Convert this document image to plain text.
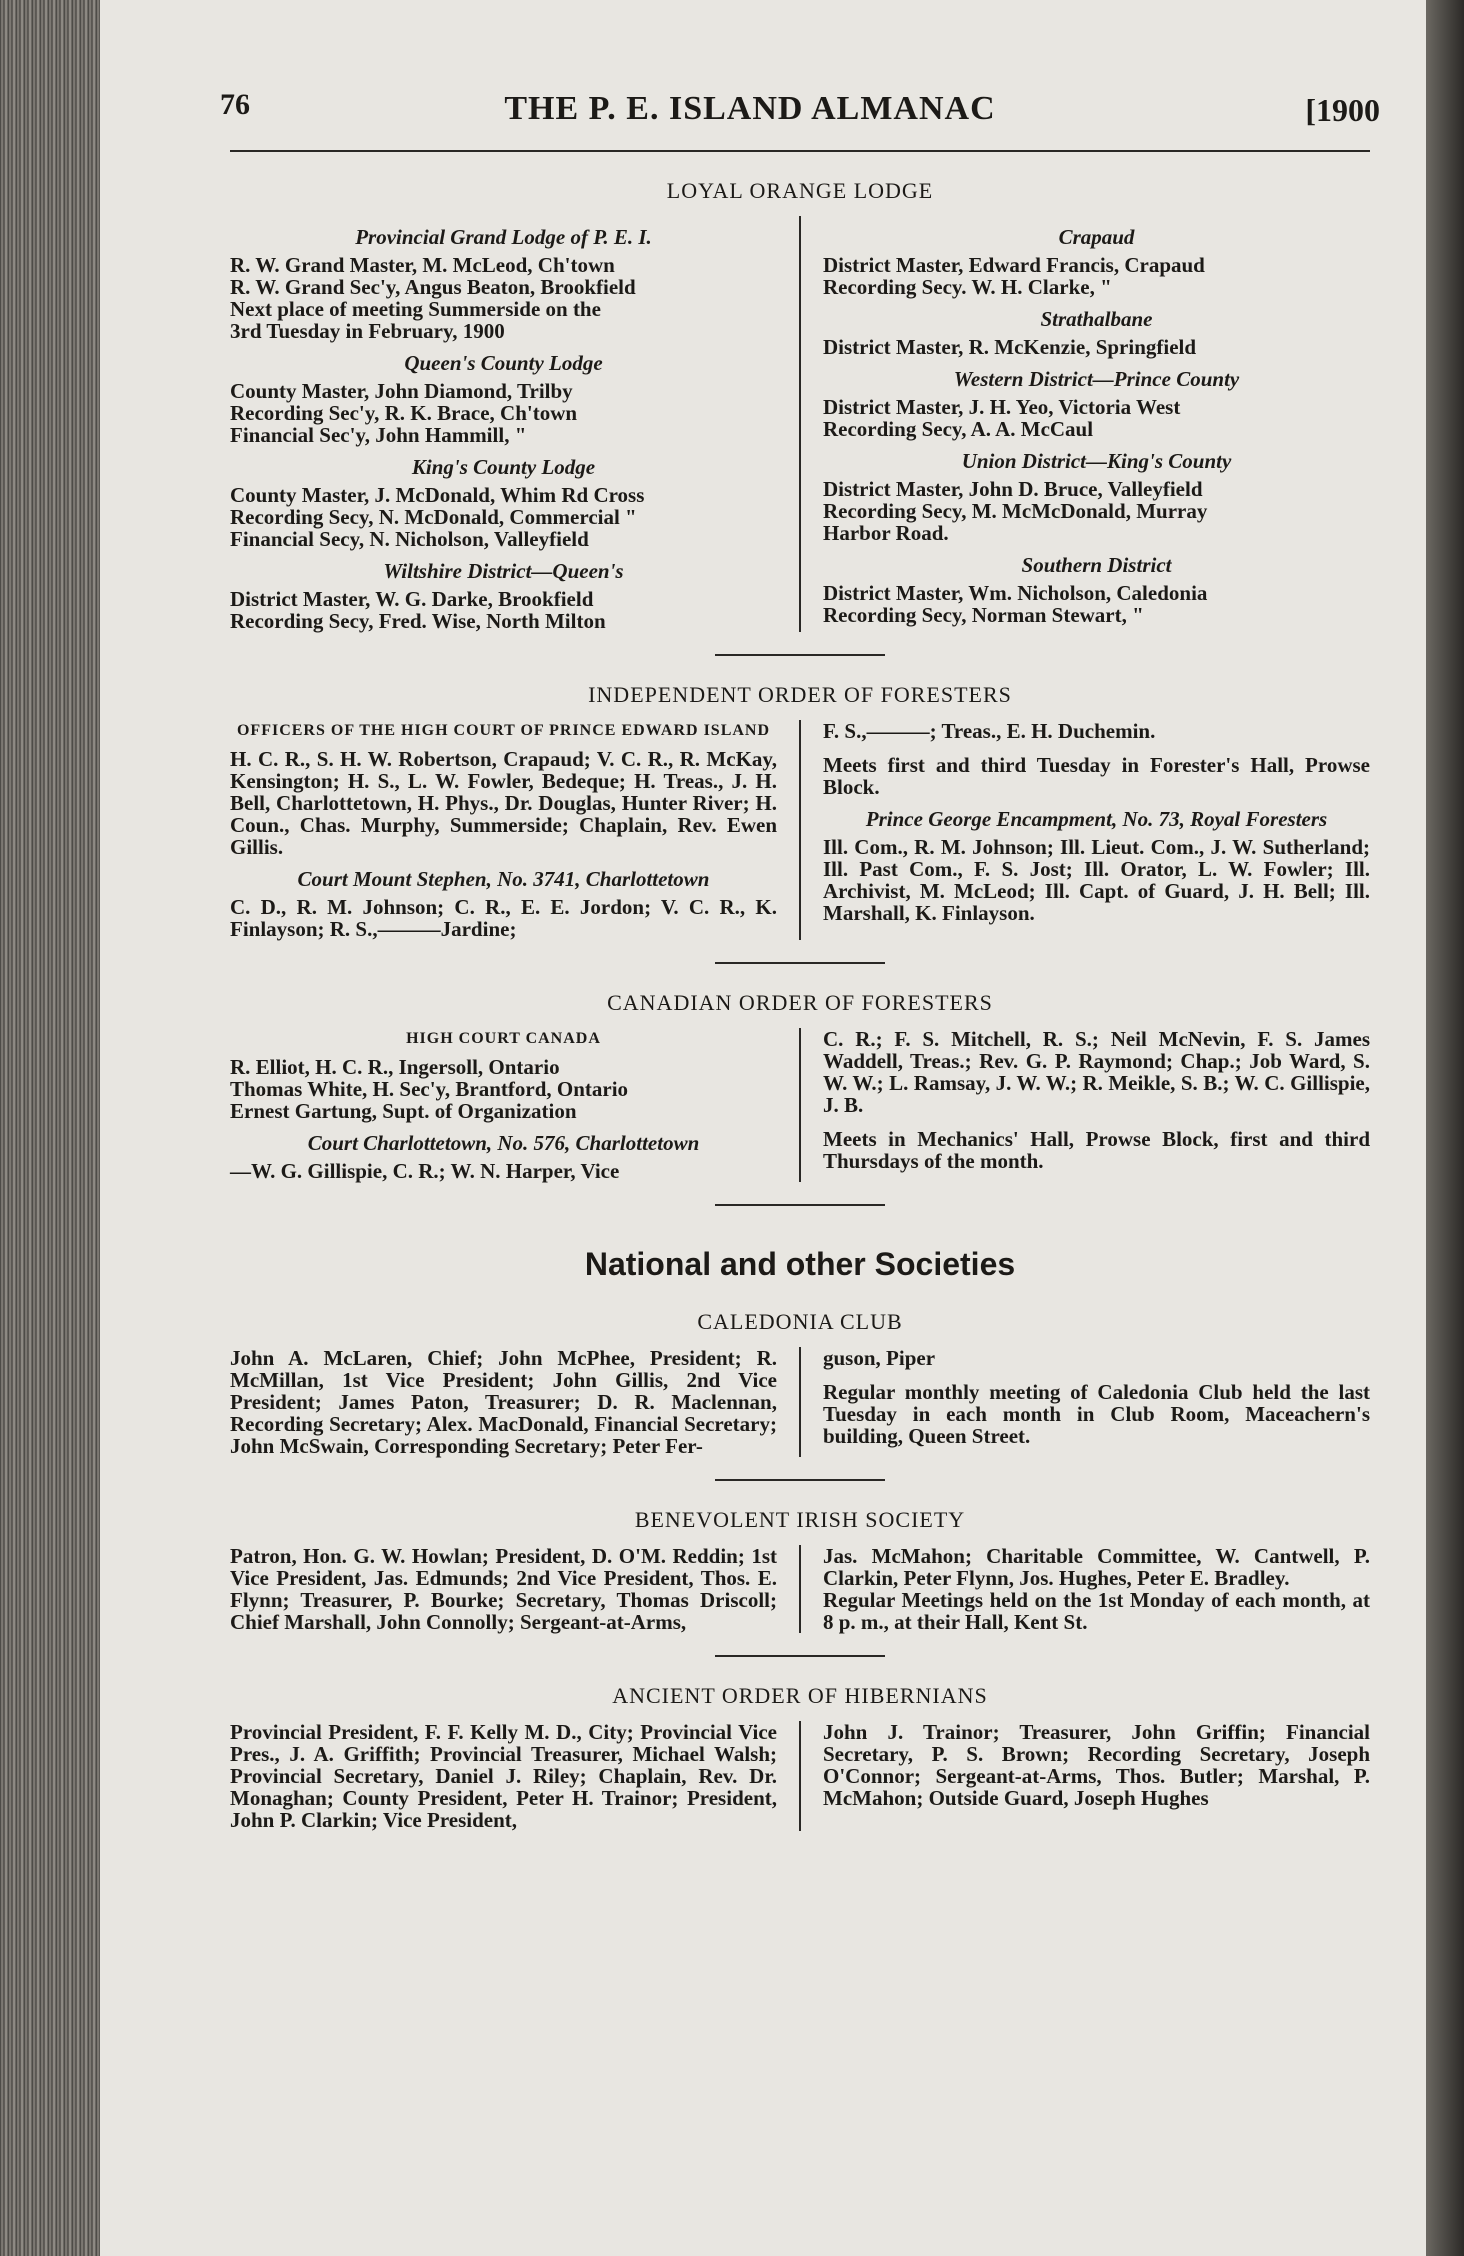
76	THE P. E. ISLAND ALMANAC	[1900
LOYAL ORANGE LODGE
Provincial Grand Lodge of P. E. I.
R. W. Grand Master, M. McLeod, Ch'town
R. W. Grand Sec'y, Angus Beaton, Brookfield
Next place of meeting Summerside on the
3rd Tuesday in February, 1900
Queen's County Lodge
County Master, John Diamond, Trilby
Recording Sec'y, R. K. Brace, Ch'town
Financial Sec'y, John Hammill, "
King's County Lodge
County Master, J. McDonald, Whim Rd Cross
Recording Secy, N. McDonald, Commercial "
Financial Secy, N. Nicholson, Valleyfield
Wiltshire District—Queen's
District Master, W. G. Darke, Brookfield
Recording Secy, Fred. Wise, North Milton
Crapaud
District Master, Edward Francis, Crapaud
Recording Secy. W. H. Clarke, "
Strathalbane
District Master, R. McKenzie, Springfield
Western District—Prince County
District Master, J. H. Yeo, Victoria West
Recording Secy, A. A. McCaul
Union District—King's County
District Master, John D. Bruce, Valleyfield
Recording Secy, M. McMcDonald, Murray
Harbor Road.
Southern District
District Master, Wm. Nicholson, Caledonia
Recording Secy, Norman Stewart, "
INDEPENDENT ORDER OF FORESTERS
OFFICERS OF THE HIGH COURT OF PRINCE EDWARD ISLAND
H. C. R., S. H. W. Robertson, Crapaud; V. C. R., R. McKay, Kensington; H. S., L. W. Fowler, Bedeque; H. Treas., J. H. Bell, Charlottetown, H. Phys., Dr. Douglas, Hunter River; H. Coun., Chas. Murphy, Summerside; Chaplain, Rev. Ewen Gillis.
Court Mount Stephen, No. 3741, Charlottetown
C. D., R. M. Johnson; C. R., E. E. Jordon; V. C. R., K. Finlayson; R. S.,———Jardine;
F. S.,———; Treas., E. H. Duchemin.
Meets first and third Tuesday in Forester's Hall, Prowse Block.
Prince George Encampment, No. 73, Royal Foresters
Ill. Com., R. M. Johnson; Ill. Lieut. Com., J. W. Sutherland; Ill. Past Com., F. S. Jost; Ill. Orator, L. W. Fowler; Ill. Archivist, M. McLeod; Ill. Capt. of Guard, J. H. Bell; Ill. Marshall, K. Finlayson.
CANADIAN ORDER OF FORESTERS
HIGH COURT CANADA
R. Elliot, H. C. R., Ingersoll, Ontario
Thomas White, H. Sec'y, Brantford, Ontario
Ernest Gartung, Supt. of Organization
Court Charlottetown, No. 576, Charlottetown
—W. G. Gillispie, C. R.; W. N. Harper, Vice
C. R.; F. S. Mitchell, R. S.; Neil McNevin, F. S. James Waddell, Treas.; Rev. G. P. Raymond; Chap.; Job Ward, S. W. W.; L. Ramsay, J. W. W.; R. Meikle, S. B.; W. C. Gillispie, J. B.
Meets in Mechanics' Hall, Prowse Block, first and third Thursdays of the month.
National and other Societies
CALEDONIA CLUB
John A. McLaren, Chief; John McPhee, President; R. McMillan, 1st Vice President; John Gillis, 2nd Vice President; James Paton, Treasurer; D. R. Maclennan, Recording Secretary; Alex. MacDonald, Financial Secretary; John McSwain, Corresponding Secretary; Peter Fer-
guson, Piper
Regular monthly meeting of Caledonia Club held the last Tuesday in each month in Club Room, Maceachern's building, Queen Street.
BENEVOLENT IRISH SOCIETY
Patron, Hon. G. W. Howlan; President, D. O'M. Reddin; 1st Vice President, Jas. Edmunds; 2nd Vice President, Thos. E. Flynn; Treasurer, P. Bourke; Secretary, Thomas Driscoll; Chief Marshall, John Connolly; Sergeant-at-Arms,
Jas. McMahon; Charitable Committee, W. Cantwell, P. Clarkin, Peter Flynn, Jos. Hughes, Peter E. Bradley.
Regular Meetings held on the 1st Monday of each month, at 8 p. m., at their Hall, Kent St.
ANCIENT ORDER OF HIBERNIANS
Provincial President, F. F. Kelly M. D., City; Provincial Vice Pres., J. A. Griffith; Provincial Treasurer, Michael Walsh; Provincial Secretary, Daniel J. Riley; Chaplain, Rev. Dr. Monaghan; County President, Peter H. Trainor; President, John P. Clarkin; Vice President,
John J. Trainor; Treasurer, John Griffin; Financial Secretary, P. S. Brown; Recording Secretary, Joseph O'Connor; Sergeant-at-Arms, Thos. Butler; Marshal, P. McMahon; Outside Guard, Joseph Hughes
